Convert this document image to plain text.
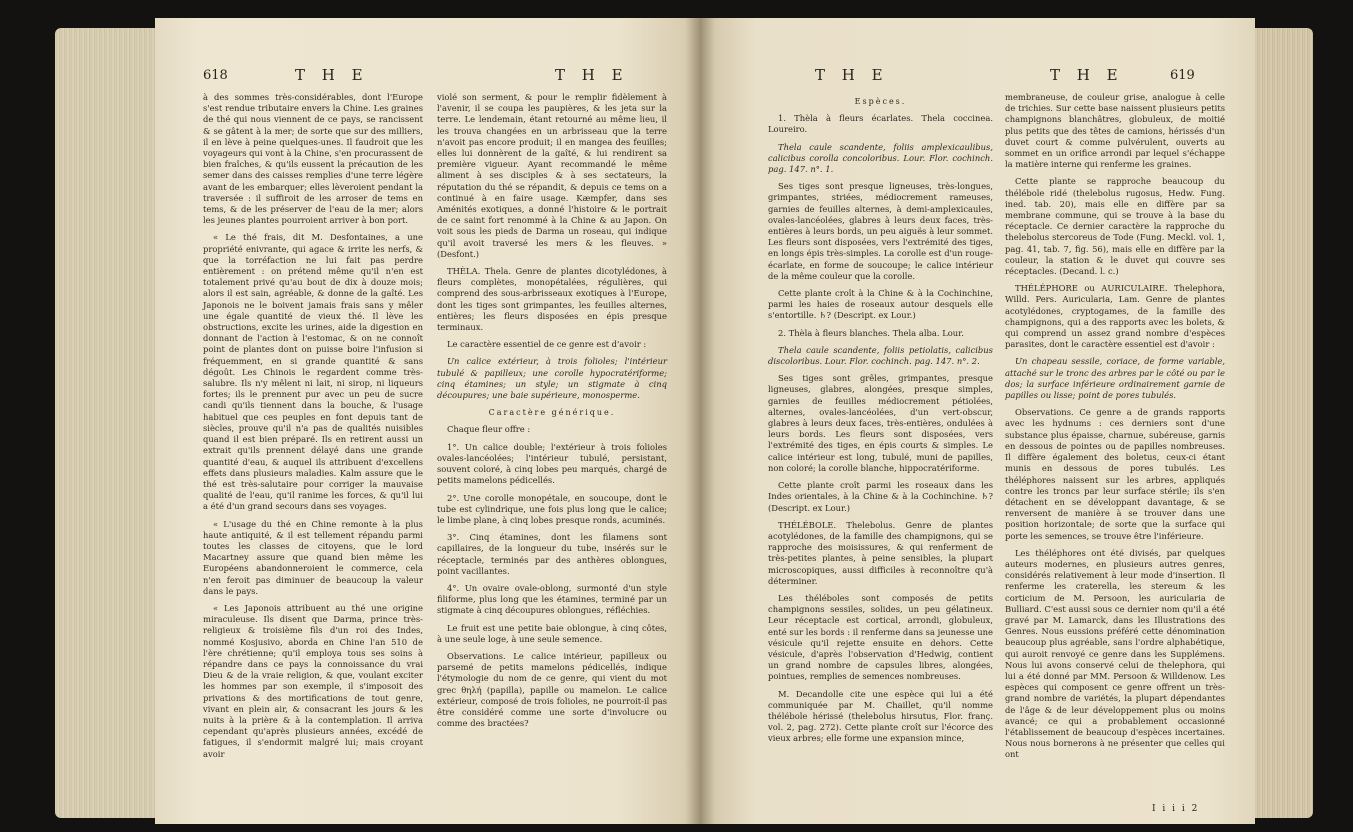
618	T H E	T H E

à des sommes très-considérables, dont l'Europe s'est rendue tributaire envers la Chine. Les graines de thé qui nous viennent de ce pays, se rancissent & se gâtent à la mer; de sorte que sur des milliers, il en lève à peine quelques-unes. Il faudroit que les voyageurs qui vont à la Chine, s'en procurassent de bien fraîches, & qu'ils eussent la précaution de les semer dans des caisses remplies d'une terre légère avant de les embarquer; elles lèveroient pendant la traversée : il suffiroit de les arroser de tems en tems, & de les préserver de l'eau de la mer; alors les jeunes plantes pourroient arriver à bon port.

« Le thé frais, dit M. Desfontaines, a une propriété enivrante, qui agace & irrite les nerfs, & que la torréfaction ne lui fait pas perdre entièrement : on prétend même qu'il n'en est totalement privé qu'au bout de dix à douze mois; alors il est sain, agréable, & donne de la gaîté. Les Japonois ne le boivent jamais frais sans y mêler une égale quantité de vieux thé. Il lève les obstructions, excite les urines, aide la digestion en donnant de l'action à l'estomac, & on ne connoît point de plantes dont on puisse boire l'infusion si fréquemment, en si grande quantité & sans dégoût. Les Chinois le regardent comme très-salubre. Ils n'y mêlent ni lait, ni sirop, ni liqueurs fortes; ils le prennent pur avec un peu de sucre candi qu'ils tiennent dans la bouche, & l'usage habituel que ces peuples en font depuis tant de siècles, prouve qu'il n'a pas de qualités nuisibles quand il est bien préparé. Ils en retirent aussi un extrait qu'ils prennent délayé dans une grande quantité d'eau, & auquel ils attribuent d'excellens effets dans plusieurs maladies. Kalm assure que le thé est très-salutaire pour corriger la mauvaise qualité de l'eau, qu'il ranime les forces, & qu'il lui a été d'un grand secours dans ses voyages.

« L'usage du thé en Chine remonte à la plus haute antiquité, & il est tellement répandu parmi toutes les classes de citoyens, que le lord Macartney assure que quand bien même les Européens abandonneroient le commerce, cela n'en feroit pas diminuer de beaucoup la valeur dans le pays.

« Les Japonois attribuent au thé une origine miraculeuse. Ils disent que Darma, prince très-religieux & troisième fils d'un roi des Indes, nommé Kosjusivo, aborda en Chine l'an 510 de l'ère chrétienne; qu'il employa tous ses soins à répandre dans ce pays la connoissance du vrai Dieu & de la vraie religion, & que, voulant exciter les hommes par son exemple, il s'imposoit des privations & des mortifications de tout genre, vivant en plein air, & consacrant les jours & les nuits à la prière & à la contemplation. Il arriva cependant qu'après plusieurs années, excédé de fatigues, il s'endormit malgré lui; mais croyant avoir

violé son serment, & pour le remplir fidèlement à l'avenir, il se coupa les paupières, & les jeta sur la terre. Le lendemain, étant retourné au même lieu, il les trouva changées en un arbrisseau que la terre n'avoit pas encore produit; il en mangea des feuilles; elles lui donnèrent de la gaîté, & lui rendirent sa première vigueur. Ayant recommandé le même aliment à ses disciples & à ses sectateurs, la réputation du thé se répandit, & depuis ce tems on a continué à en faire usage. Kæmpfer, dans ses Aménités exotiques, a donné l'histoire & le portrait de ce saint fort renommé à la Chine & au Japon. On voit sous les pieds de Darma un roseau, qui indique qu'il avoit traversé les mers & les fleuves. » (Desfont.)

THÈLA. Thela. Genre de plantes dicotylédones, à fleurs complètes, monopétalées, régulières, qui comprend des sous-arbrisseaux exotiques à l'Europe, dont les tiges sont grimpantes, les feuilles alternes, entières; les fleurs disposées en épis presque terminaux.

Le caractère essentiel de ce genre est d'avoir :

Un calice extérieur, à trois folioles; l'intérieur tubulé & papilleux; une corolle hypocratériforme; cinq étamines; un style; un stigmate à cinq découpures; une baie supérieure, monosperme.

Caractère générique.

Chaque fleur offre :

1°. Un calice double; l'extérieur à trois folioles ovales-lancéolées; l'intérieur tubulé, persistant, souvent coloré, à cinq lobes peu marqués, chargé de petits mamelons pédicellés.

2°. Une corolle monopétale, en soucoupe, dont le tube est cylindrique, une fois plus long que le calice; le limbe plane, à cinq lobes presque ronds, acuminés.

3°. Cinq étamines, dont les filamens sont capillaires, de la longueur du tube, insérés sur le réceptacle, terminés par des anthères oblongues, point vacillantes.

4°. Un ovaire ovale-oblong, surmonté d'un style filiforme, plus long que les étamines, terminé par un stigmate à cinq découpures oblongues, réfléchies.

Le fruit est une petite baie oblongue, à cinq côtes, à une seule loge, à une seule semence.

Observations. Le calice intérieur, papilleux ou parsemé de petits mamelons pédicellés, indique l'étymologie du nom de ce genre, qui vient du mot grec θηλή (papilla), papille ou mamelon. Le calice extérieur, composé de trois folioles, ne pourroit-il pas être considéré comme une sorte d'involucre ou comme des bractées?

T H E	T H E	619

Espèces.

1. Thèla à fleurs écarlates. Thela coccinea. Loureiro.

Thela caule scandente, foliis amplexicaulibus, calicibus corolla concoloribus. Lour. Flor. cochinch. pag. 147. n°. 1.

Ses tiges sont presque ligneuses, très-longues, grimpantes, striées, médiocrement rameuses, garnies de feuilles alternes, à demi-amplexicaules, ovales-lancéolées, glabres à leurs deux faces, très-entières à leurs bords, un peu aiguës à leur sommet. Les fleurs sont disposées, vers l'extrémité des tiges, en longs épis très-simples. La corolle est d'un rouge-écarlate, en forme de soucoupe; le calice intérieur de la même couleur que la corolle.

Cette plante croît à la Chine & à la Cochinchine, parmi les haies de roseaux autour desquels elle s'entortille. ♄? (Descript. ex Lour.)

2. Thèla à fleurs blanches. Thela alba. Lour.

Thela caule scandente, foliis petiolatis, calicibus discoloribus. Lour. Flor. cochinch. pag. 147. n°. 2.

Ses tiges sont grêles, grimpantes, presque ligneuses, glabres, alongées, presque simples, garnies de feuilles médiocrement pétiolées, alternes, ovales-lancéolées, d'un vert-obscur, glabres à leurs deux faces, très-entières, ondulées à leurs bords. Les fleurs sont disposées, vers l'extrémité des tiges, en épis courts & simples. Le calice intérieur est long, tubulé, muni de papilles, non coloré; la corolle blanche, hippocratériforme.

Cette plante croît parmi les roseaux dans les Indes orientales, à la Chine & à la Cochinchine. ♄? (Descript. ex Lour.)

THÉLÉBOLE. Thelebolus. Genre de plantes acotylédones, de la famille des champignons, qui se rapproche des moisissures, & qui renferment de très-petites plantes, à peine sensibles, la plupart microscopiques, aussi difficiles à reconnoître qu'à déterminer.

Les théléboles sont composés de petits champignons sessiles, solides, un peu gélatineux. Leur réceptacle est cortical, arrondi, globuleux, enté sur les bords : il renferme dans sa jeunesse une vésicule qu'il rejette ensuite en dehors. Cette vésicule, d'après l'observation d'Hedwig, contient un grand nombre de capsules libres, alongées, pointues, remplies de semences nombreuses.

M. Decandolle cite une espèce qui lui a été communiquée par M. Chaillet, qu'il nomme thélébole hérissé (thelebolus hirsutus, Flor. franç. vol. 2, pag. 272). Cette plante croît sur l'écorce des vieux arbres; elle forme une expansion mince,

membraneuse, de couleur grise, analogue à celle de trichies. Sur cette base naissent plusieurs petits champignons blanchâtres, globuleux, de moitié plus petits que des têtes de camions, hérissés d'un duvet court & comme pulvérulent, ouverts au sommet en un orifice arrondi par lequel s'échappe la matière interne qui renferme les graines.

Cette plante se rapproche beaucoup du thélébole ridé (thelebolus rugosus, Hedw. Fung. ined. tab. 20), mais elle en diffère par sa membrane commune, qui se trouve à la base du réceptacle. Ce dernier caractère la rapproche du thelebolus stercoreus de Tode (Fung. Meckl. vol. 1, pag. 41, tab. 7, fig. 56), mais elle en diffère par la couleur, la station & le duvet qui couvre ses réceptacles. (Decand. l. c.)

THÉLÉPHORE ou AURICULAIRE. Thelephora, Willd. Pers. Auricularia, Lam. Genre de plantes acotylédones, cryptogames, de la famille des champignons, qui a des rapports avec les bolets, & qui comprend un assez grand nombre d'espèces parasites, dont le caractère essentiel est d'avoir :

Un chapeau sessile, coriace, de forme variable, attaché sur le tronc des arbres par le côté ou par le dos; la surface inférieure ordinairement garnie de papilles ou lisse; point de pores tubulés.

Observations. Ce genre a de grands rapports avec les hydnums : ces derniers sont d'une substance plus épaisse, charnue, subéreuse, garnis en dessous de pointes ou de papilles nombreuses. Il diffère également des boletus, ceux-ci étant munis en dessous de pores tubulés. Les théléphores naissent sur les arbres, appliqués contre les troncs par leur surface stérile; ils s'en détachent en se développant davantage, & se renversent de manière à se trouver dans une position horizontale; de sorte que la surface qui porte les semences, se trouve être l'inférieure.

Les théléphores ont été divisés, par quelques auteurs modernes, en plusieurs autres genres, considérés relativement à leur mode d'insertion. Il renferme les craterella, les stereum & les corticium de M. Persoon, les auricularia de Bulliard. C'est aussi sous ce dernier nom qu'il a été gravé par M. Lamarck, dans les Illustrations des Genres. Nous eussions préféré cette dénomination beaucoup plus agréable, sans l'ordre alphabétique, qui auroit renvoyé ce genre dans les Supplémens. Nous lui avons conservé celui de thelephora, qui lui a été donné par MM. Persoon & Willdenow. Les espèces qui composent ce genre offrent un très-grand nombre de variétés, la plupart dépendantes de l'âge & de leur développement plus ou moins avancé; ce qui a probablement occasionné l'établissement de beaucoup d'espèces incertaines. Nous nous bornerons à ne présenter que celles qui ont

I i i i 2
